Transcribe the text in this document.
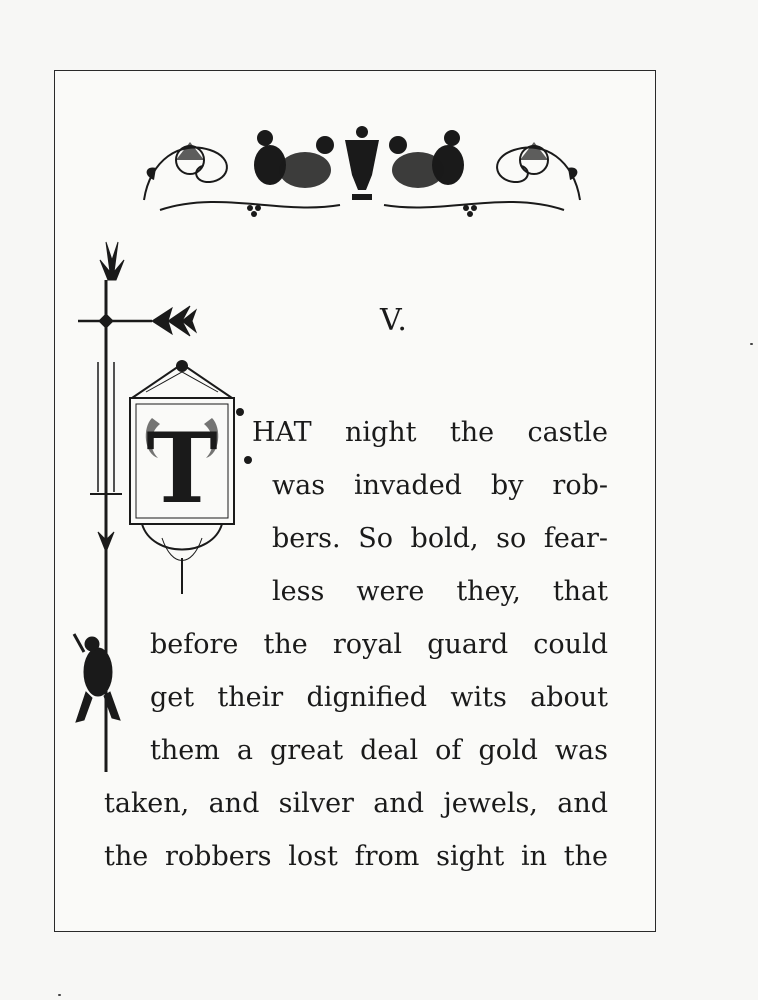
T
V.
HAT night the castle
was invaded by rob-
bers. So bold, so fear-
less were they, that
before the royal guard could
get their dignified wits about
them a great deal of gold was
taken, and silver and jewels, and
the robbers lost from sight in the
